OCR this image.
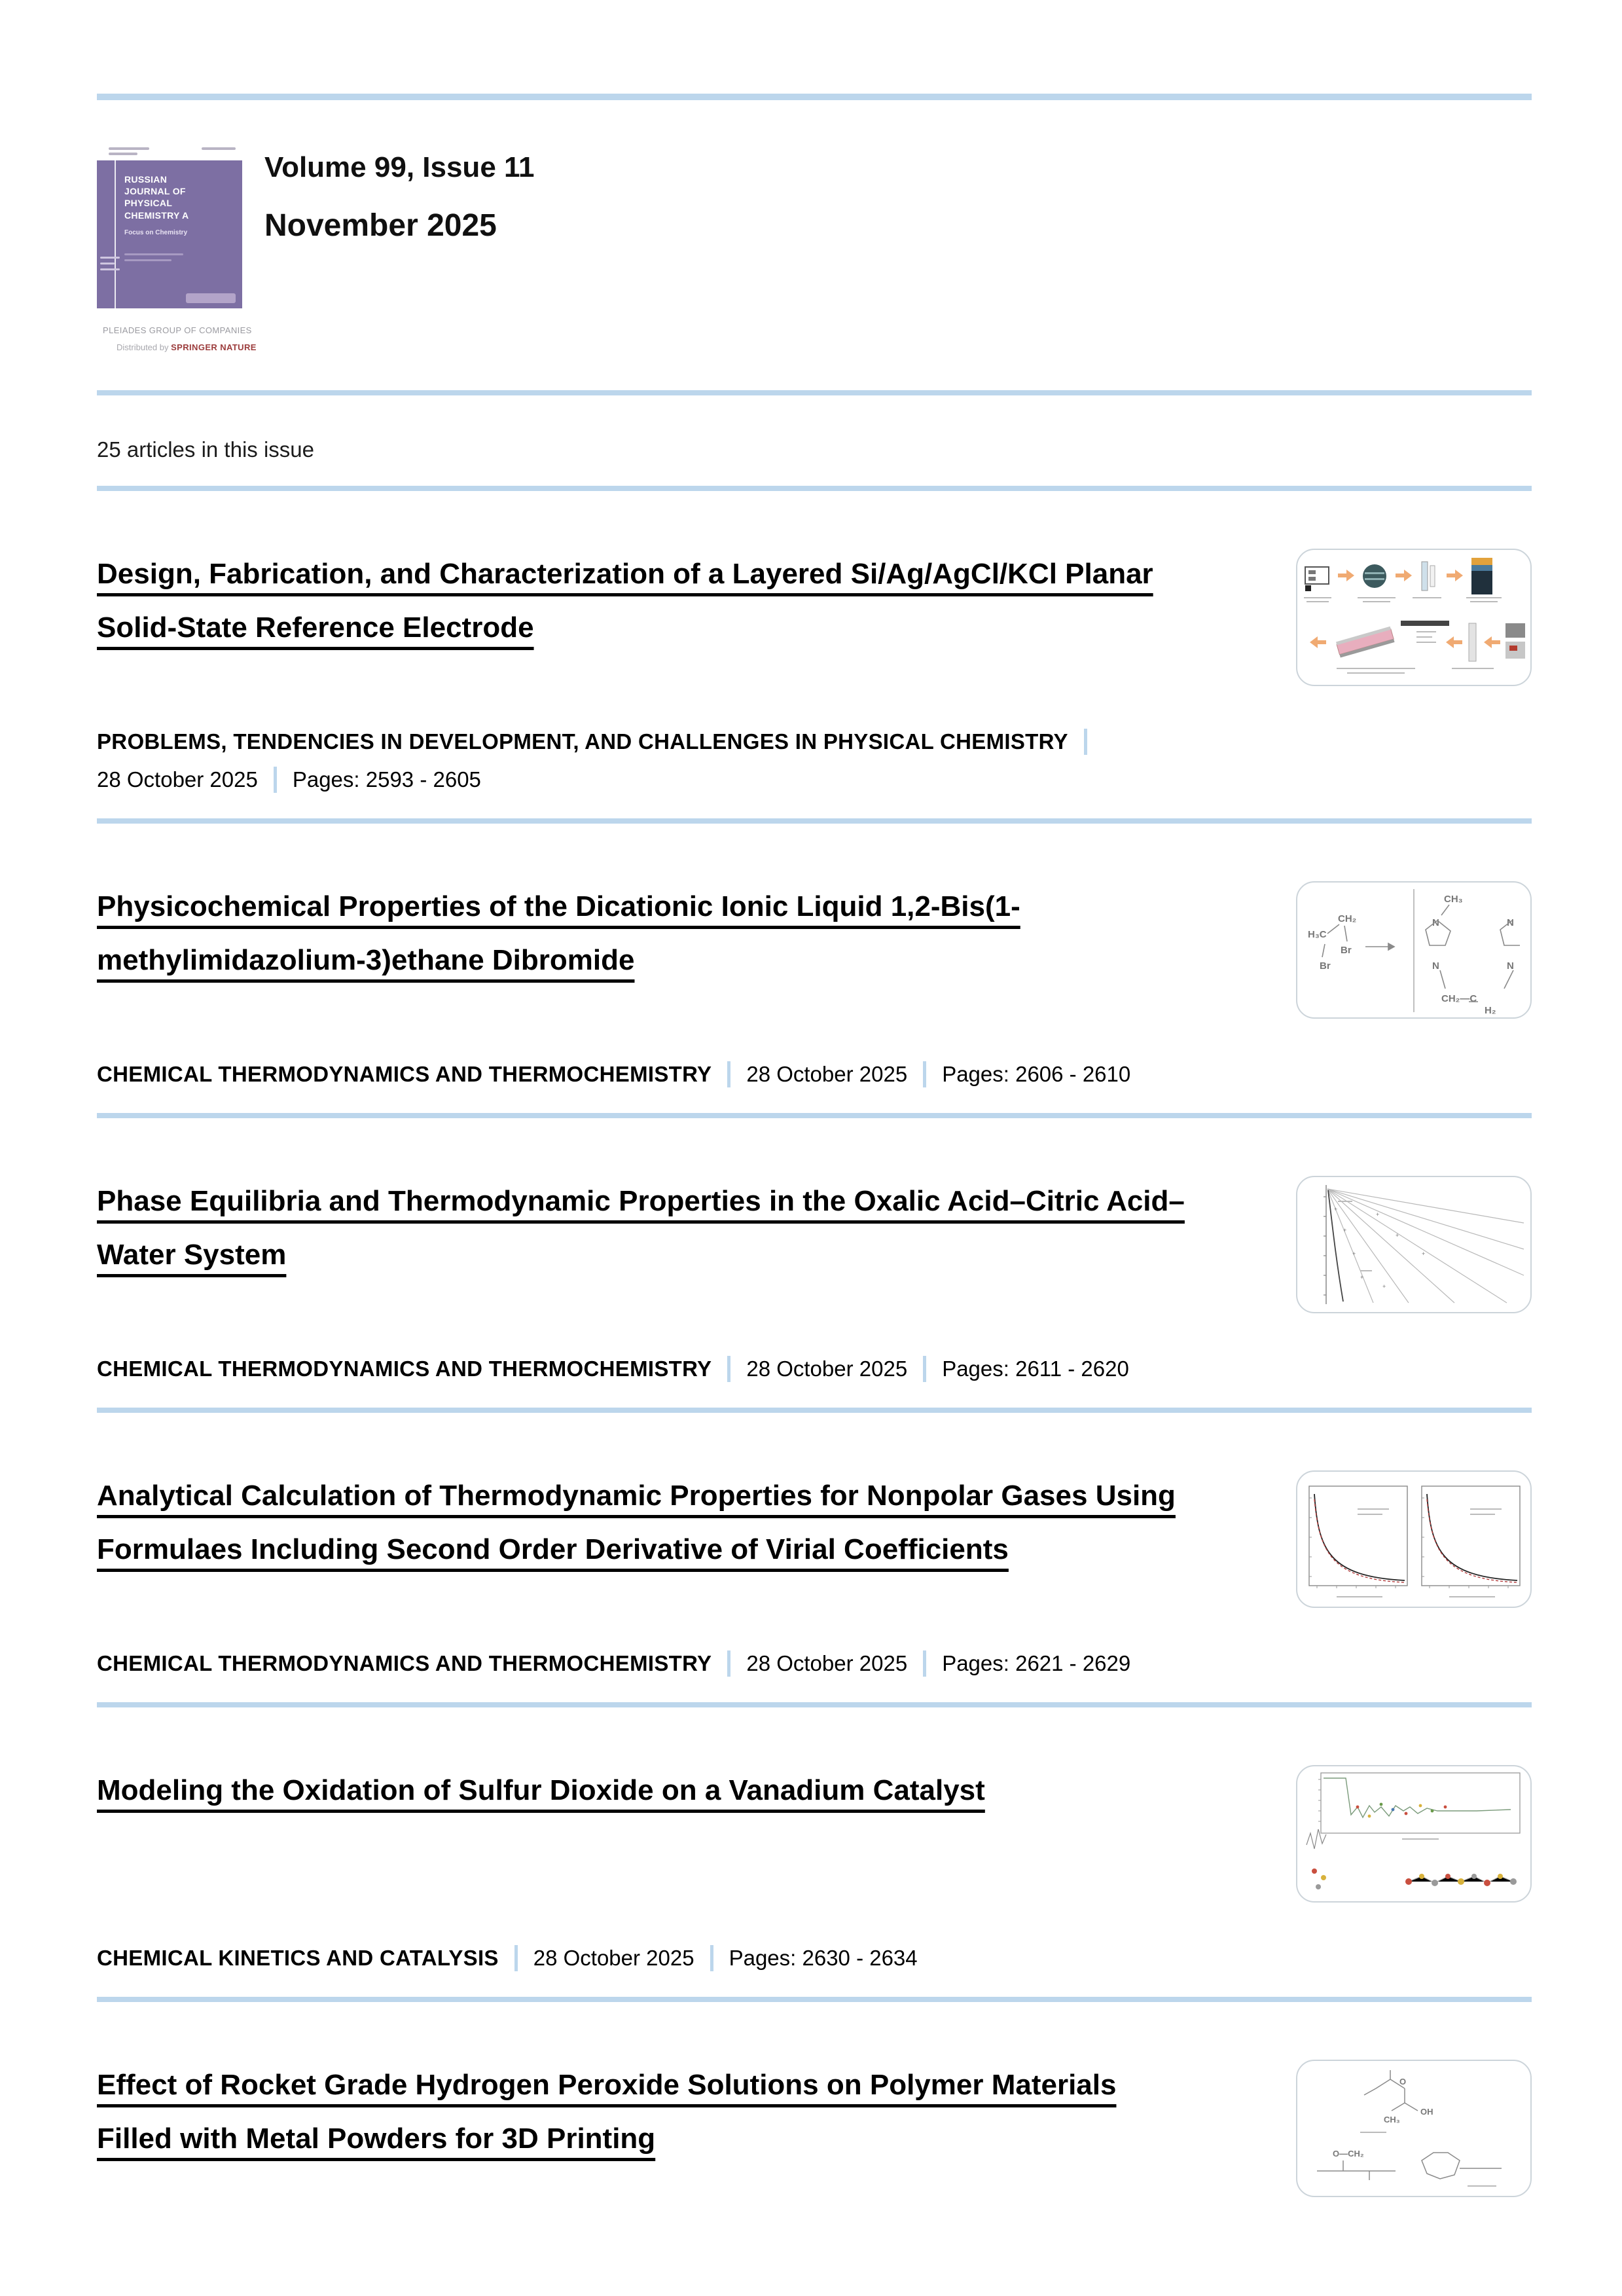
RUSSIAN JOURNAL OF PHYSICAL CHEMISTRY A
Focus on Chemistry
PLEIADES GROUP OF COMPANIES
Distributed by SPRINGER NATURE
Volume 99, Issue 11
November 2025
25 articles in this issue
Design, Fabrication, and Characterization of a Layered Si/Ag/AgCl/KCl Planar Solid-State Reference Electrode
PROBLEMS, TENDENCIES IN DEVELOPMENT, AND CHALLENGES IN PHYSICAL CHEMISTRY
28 October 2025 Pages: 2593 - 2605
Physicochemical Properties of the Dicationic Ionic Liquid 1,2-Bis(1-methylimidazolium-3)ethane Dibromide
H₃C
CH₂
Br
Br
CH₃
N
N
N
N
CH₂—C
H₂
CHEMICAL THERMODYNAMICS AND THERMOCHEMISTRY 28 October 2025 Pages: 2606 - 2610
Phase Equilibria and Thermodynamic Properties in the Oxalic Acid–Citric Acid–Water System
+
+
+
+
+
+
+
+
CHEMICAL THERMODYNAMICS AND THERMOCHEMISTRY 28 October 2025 Pages: 2611 - 2620
Analytical Calculation of Thermodynamic Properties for Nonpolar Gases Using Formulaes Including Second Order Derivative of Virial Coefficients
CHEMICAL THERMODYNAMICS AND THERMOCHEMISTRY 28 October 2025 Pages: 2621 - 2629
Modeling the Oxidation of Sulfur Dioxide on a Vanadium Catalyst
CHEMICAL KINETICS AND CATALYSIS 28 October 2025 Pages: 2630 - 2634
Effect of Rocket Grade Hydrogen Peroxide Solutions on Polymer Materials Filled with Metal Powders for 3D Printing
O
OH
CH₃
O—CH₂
